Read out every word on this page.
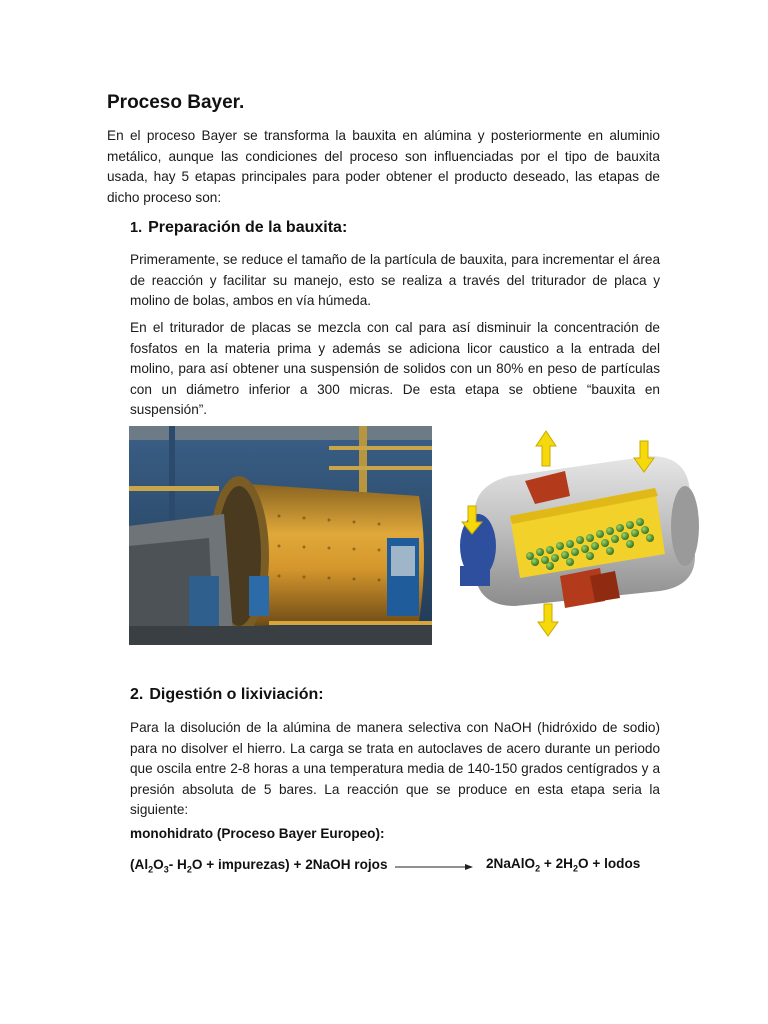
Proceso Bayer.

En el proceso Bayer se transforma la bauxita en alúmina y posteriormente en aluminio metálico, aunque las condiciones del proceso son influenciadas por el tipo de bauxita usada, hay 5 etapas principales para poder obtener el producto deseado, las etapas de dicho proceso son:

1. Preparación de la bauxita:

Primeramente, se reduce el tamaño de la partícula de bauxita, para incrementar el área de reacción y facilitar su manejo, esto se realiza a través del triturador de placa y molino de bolas, ambos en vía húmeda.

En el triturador de placas se mezcla con cal para así disminuir la concentración de fosfatos en la materia prima y además se adiciona licor caustico a la entrada del molino, para así obtener una suspensión de solidos con un 80% en peso de partículas con un diámetro inferior a 300 micras. De esta etapa se obtiene “bauxita en suspensión”.

2. Digestión o lixiviación:

Para la disolución de la alúmina de manera selectiva con NaOH (hidróxido de sodio) para no disolver el hierro. La carga se trata en autoclaves de acero durante un periodo que oscila entre 2-8 horas a una temperatura media de 140-150 grados centígrados y a presión absoluta de 5 bares. La reacción que se produce en esta etapa seria la siguiente:

monohidrato (Proceso Bayer Europeo):

($Al_2O_3-$ $H_2O$ + impurezas) + 2NaOH rojos	2NaAlO$_2$ + $2H_2O$ + lodos
